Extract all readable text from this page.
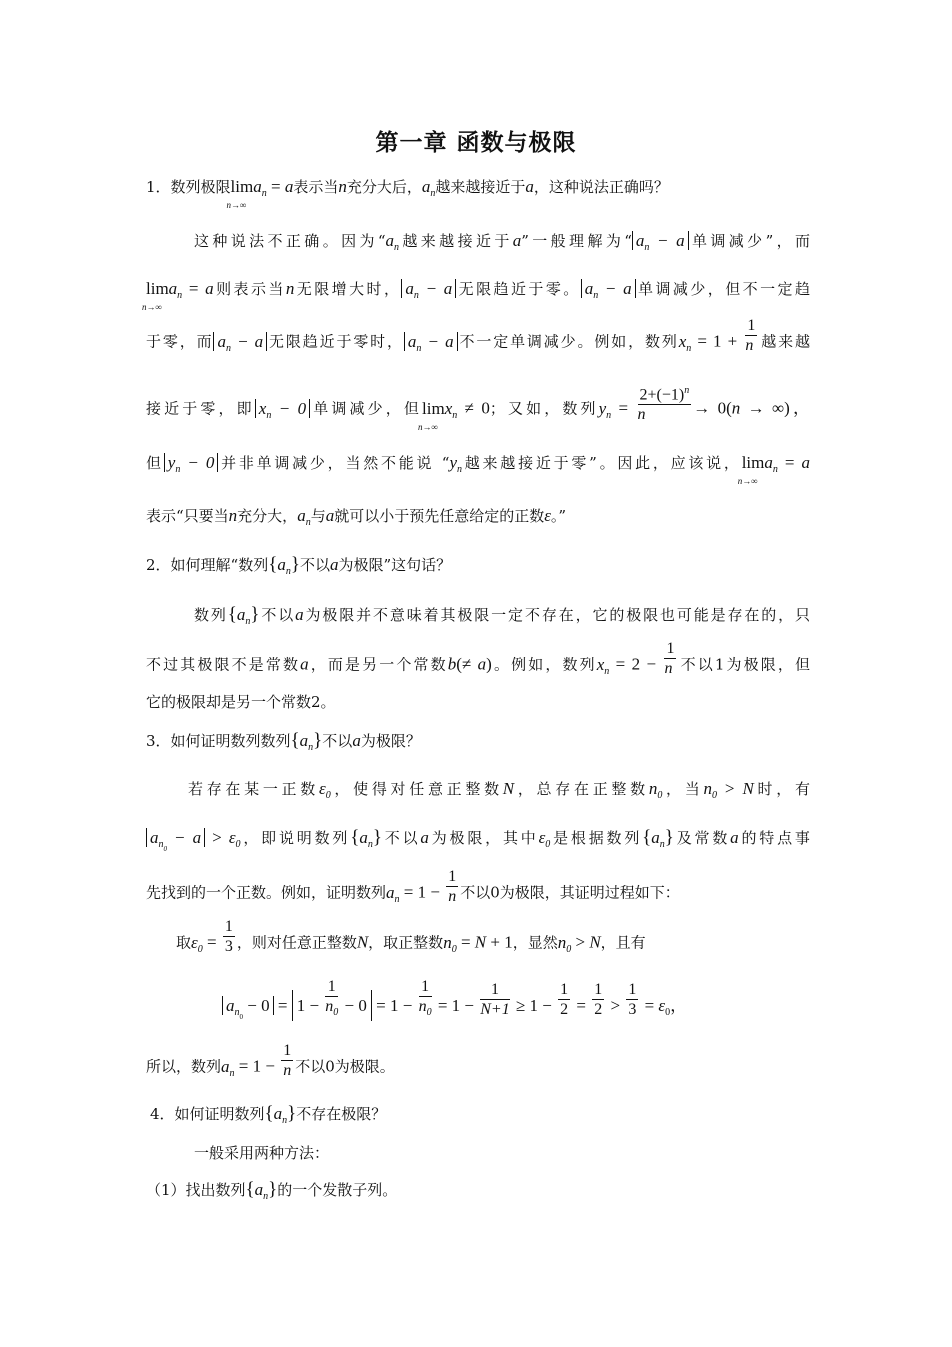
第一章 函数与极限
1．数列极限lim
n→∞
$a_n = a$表示当n充分大后，$a_n$越来越接近于a，这种说法正确吗？
这种说法不正确。因为“$a_n$越来越接近于a”一般理解为“ $a_n - a$ 单调减少”，而
lim
n→∞
$a_n = a$则表示当n无限增大时， $a_n - a$ 无限趋近于零。 $a_n - a$ 单调减少，但不一定趋
于零，而 $a_n - a$ 无限趋近于零时， $a_n - a$ 不一定单调减少。例如，数列$x_n = 1 + \frac{1}{n}$ 越来越
接近于零，即 $x_n - 0$ 单调减少，但lim
n→∞
$x_n \ne 0$；又如，数列$y_n = \frac{2+(-1)^n}{n} \to 0(n$ → ∞)，
但 $y_n - 0$ 并非单调减少，当然不能说 “$y_n$越来越接近于零”。因此，应该说，lim
n→∞
$a_n = a$
表示“只要当n充分大，$a_n$与a就可以小于预先任意给定的正数ε。”
2．如何理解“数列$\{a_n\}$不以a为极限”这句话？
数列$\{a_n\}$不以a为极限并不意味着其极限一定不存在，它的极限也可能是存在的，只
不过其极限不是常数a，而是另一个常数b(≠ a)。例如，数列$x_n = 2 - \frac{1}{n}$ 不以1为极限，但
它的极限却是另一个常数2。
3．如何证明数列数列$\{a_n\}$不以a为极限？
若存在某一正数$\varepsilon_0$，使得对任意正整数N，总存在正整数$n_0$，当$n_0 > N$时，有
$a_{n_0} - a > \varepsilon_0$，即说明数列$\{a_n\}$不以a为极限，其中$\varepsilon_0$是根据数列$\{a_n\}$及常数a的特点事
先找到的一个正数。例如，证明数列$a_n = 1 - \frac{1}{n}$ 不以0为极限，其证明过程如下：
取$\varepsilon_0 = \frac{1}{3}$ ，则对任意正整数N，取正整数$n_0 = N + 1$，显然$n_0 > N$，且有
$a_{n_0} - 0 = 1 - \frac{1}{n_0} - 0 = 1 - \frac{1}{n_0} = 1 - \frac{1}{N+1} \ge 1 - \frac{1}{2} = \frac{1}{2} > \frac{1}{3} = \varepsilon_0$，
所以，数列$a_n = 1 - \frac{1}{n}$ 不以0为极限。
4．如何证明数列$\{a_n\}$不存在极限？
一般采用两种方法：
（1）找出数列$\{a_n\}$的一个发散子列。
